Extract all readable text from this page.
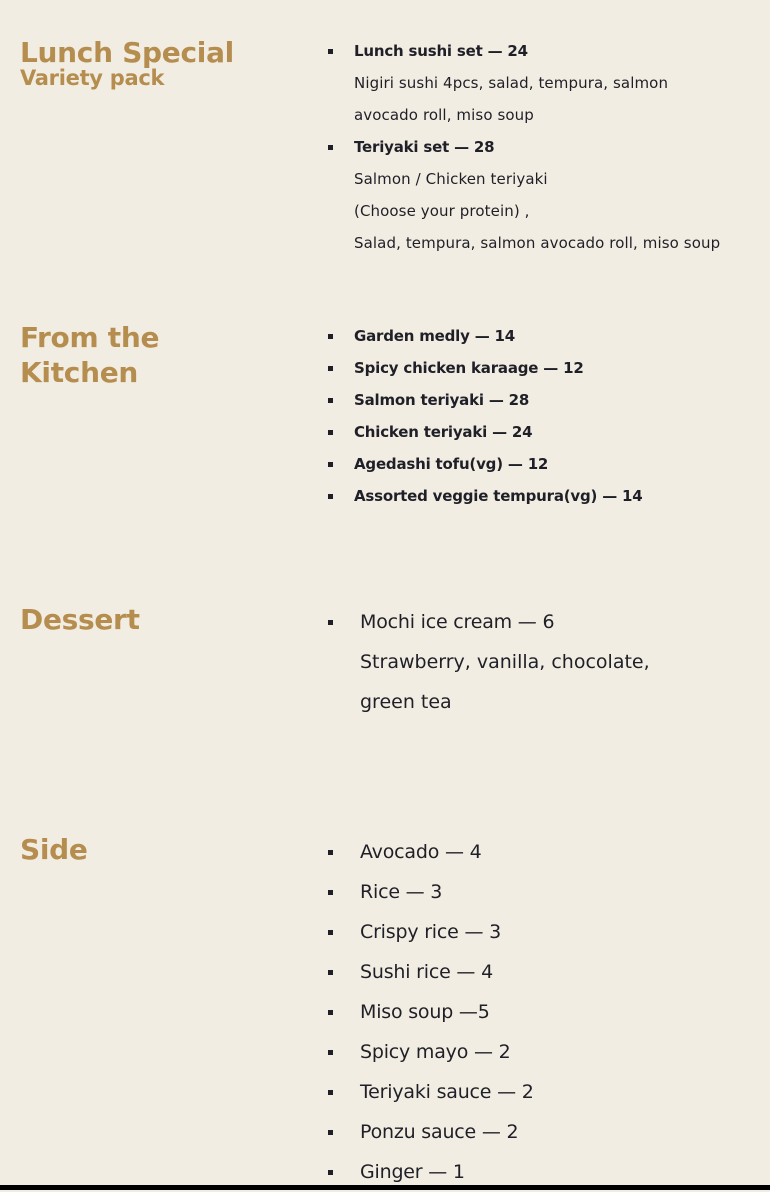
Lunch Special
Variety pack
Lunch sushi set — 24
Nigiri sushi 4pcs, salad, tempura, salmon
avocado roll, miso soup
Teriyaki set — 28
Salmon / Chicken teriyaki
(Choose your protein) ,
Salad, tempura, salmon avocado roll, miso soup
From the
Kitchen
Garden medly — 14
Spicy chicken karaage — 12
Salmon teriyaki — 28
Chicken teriyaki — 24
Agedashi tofu(vg) — 12
Assorted veggie tempura(vg) — 14
Dessert	Mochi ice cream — 6
Strawberry, vanilla, chocolate,
green tea
Side	Avocado — 4
Rice — 3
Crispy rice — 3
Sushi rice — 4
Miso soup —5
Spicy mayo — 2
Teriyaki sauce — 2
Ponzu sauce — 2
Ginger — 1
